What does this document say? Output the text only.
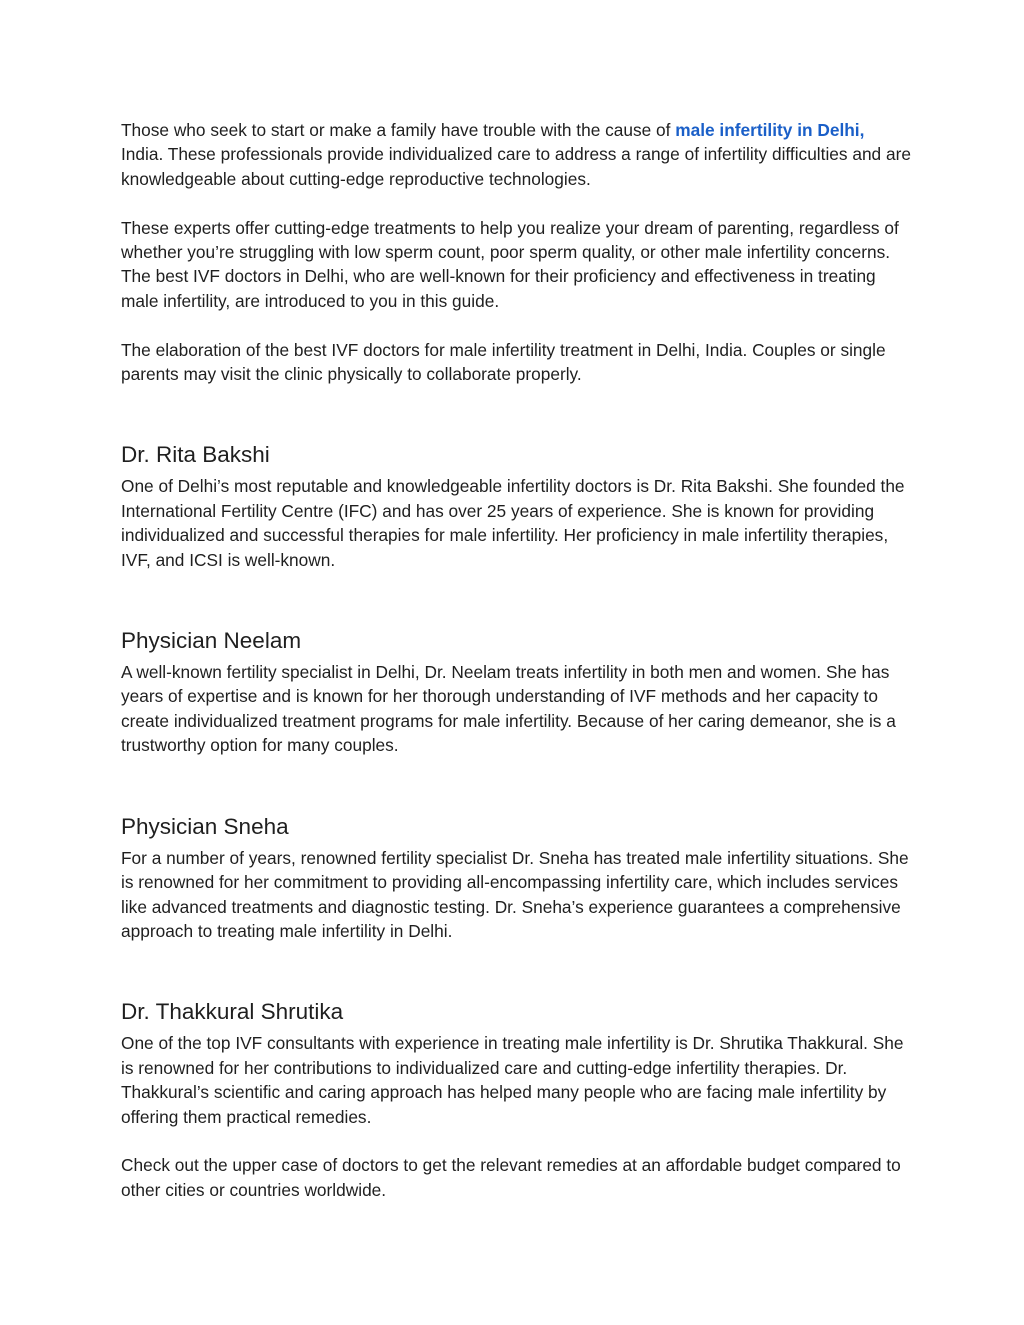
Those who seek to start or make a family have trouble with the cause of male infertility in Delhi, India. These professionals provide individualized care to address a range of infertility difficulties and are knowledgeable about cutting-edge reproductive technologies.

These experts offer cutting-edge treatments to help you realize your dream of parenting, regardless of whether you’re struggling with low sperm count, poor sperm quality, or other male infertility concerns. The best IVF doctors in Delhi, who are well-known for their proficiency and effectiveness in treating male infertility, are introduced to you in this guide.

The elaboration of the best IVF doctors for male infertility treatment in Delhi, India. Couples or single parents may visit the clinic physically to collaborate properly.

Dr. Rita Bakshi

One of Delhi’s most reputable and knowledgeable infertility doctors is Dr. Rita Bakshi. She founded the International Fertility Centre (IFC) and has over 25 years of experience. She is known for providing individualized and successful therapies for male infertility. Her proficiency in male infertility therapies, IVF, and ICSI is well-known.

Physician Neelam

A well-known fertility specialist in Delhi, Dr. Neelam treats infertility in both men and women. She has years of expertise and is known for her thorough understanding of IVF methods and her capacity to create individualized treatment programs for male infertility. Because of her caring demeanor, she is a trustworthy option for many couples.

Physician Sneha

For a number of years, renowned fertility specialist Dr. Sneha has treated male infertility situations. She is renowned for her commitment to providing all-encompassing infertility care, which includes services like advanced treatments and diagnostic testing. Dr. Sneha’s experience guarantees a comprehensive approach to treating male infertility in Delhi.

Dr. Thakkural Shrutika

One of the top IVF consultants with experience in treating male infertility is Dr. Shrutika Thakkural. She is renowned for her contributions to individualized care and cutting-edge infertility therapies. Dr. Thakkural’s scientific and caring approach has helped many people who are facing male infertility by offering them practical remedies.

Check out the upper case of doctors to get the relevant remedies at an affordable budget compared to other cities or countries worldwide.
